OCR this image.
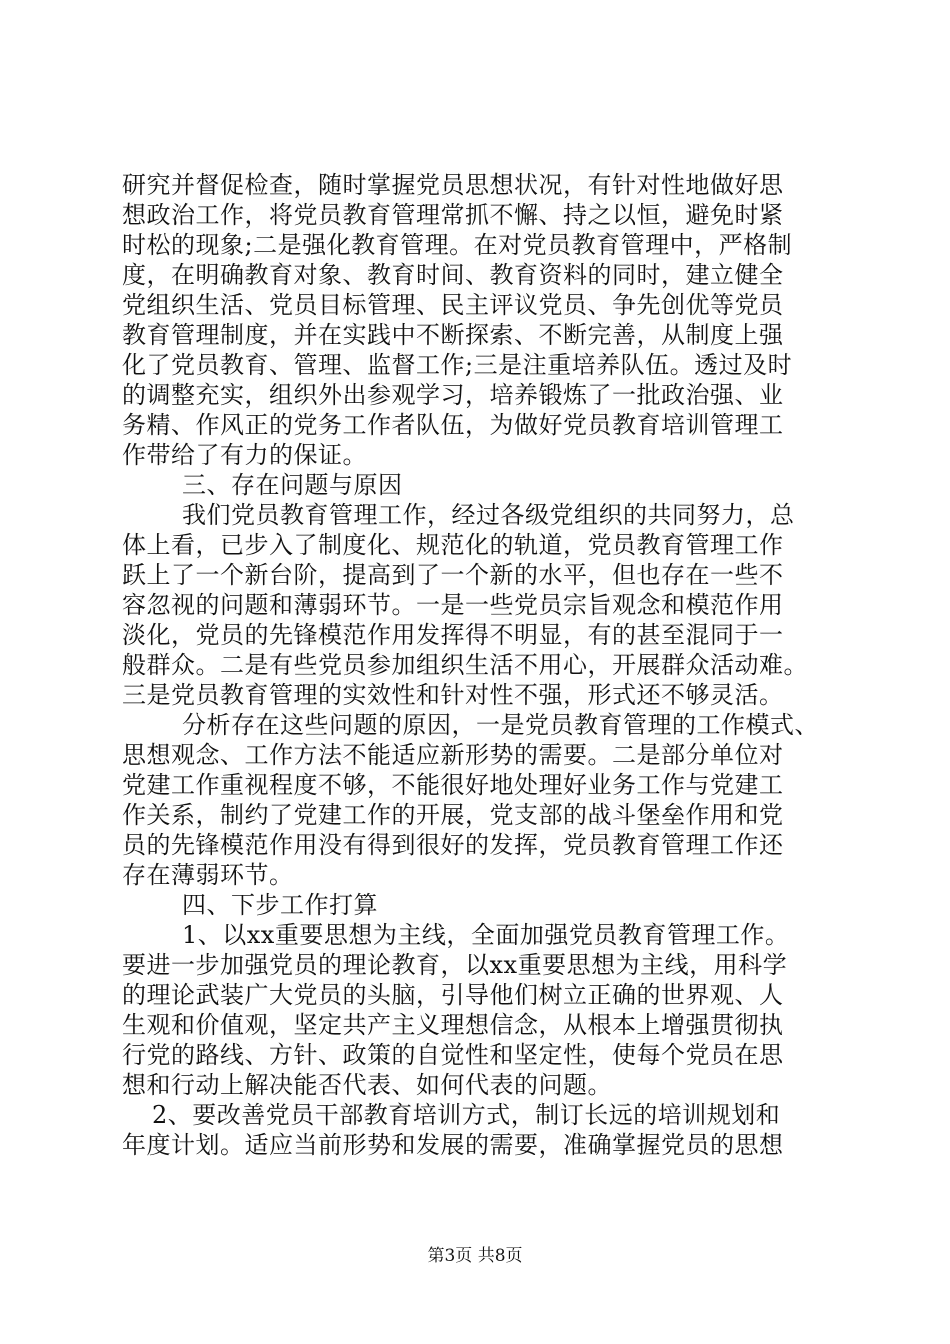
研究并督促检查，随时掌握党员思想状况，有针对性地做好思
想政治工作，将党员教育管理常抓不懈、持之以恒，避免时紧
时松的现象;二是强化教育管理。在对党员教育管理中，严格制
度，在明确教育对象、教育时间、教育资料的同时，建立健全
党组织生活、党员目标管理、民主评议党员、争先创优等党员
教育管理制度，并在实践中不断探索、不断完善，从制度上强
化了党员教育、管理、监督工作;三是注重培养队伍。透过及时
的调整充实，组织外出参观学习，培养锻炼了一批政治强、业
务精、作风正的党务工作者队伍，为做好党员教育培训管理工
作带给了有力的保证。
三、存在问题与原因
我们党员教育管理工作，经过各级党组织的共同努力，总
体上看，已步入了制度化、规范化的轨道，党员教育管理工作
跃上了一个新台阶，提高到了一个新的水平，但也存在一些不
容忽视的问题和薄弱环节。一是一些党员宗旨观念和模范作用
淡化，党员的先锋模范作用发挥得不明显，有的甚至混同于一
般群众。二是有些党员参加组织生活不用心，开展群众活动难。
三是党员教育管理的实效性和针对性不强，形式还不够灵活。
分析存在这些问题的原因，一是党员教育管理的工作模式、
思想观念、工作方法不能适应新形势的需要。二是部分单位对
党建工作重视程度不够，不能很好地处理好业务工作与党建工
作关系，制约了党建工作的开展，党支部的战斗堡垒作用和党
员的先锋模范作用没有得到很好的发挥，党员教育管理工作还
存在薄弱环节。
四、下步工作打算
1、以xx重要思想为主线，全面加强党员教育管理工作。
要进一步加强党员的理论教育，以xx重要思想为主线，用科学
的理论武装广大党员的头脑，引导他们树立正确的世界观、人
生观和价值观，坚定共产主义理想信念，从根本上增强贯彻执
行党的路线、方针、政策的自觉性和坚定性，使每个党员在思
想和行动上解决能否代表、如何代表的问题。
2、要改善党员干部教育培训方式，制订长远的培训规划和
年度计划。适应当前形势和发展的需要，准确掌握党员的思想
第3页 共8页
